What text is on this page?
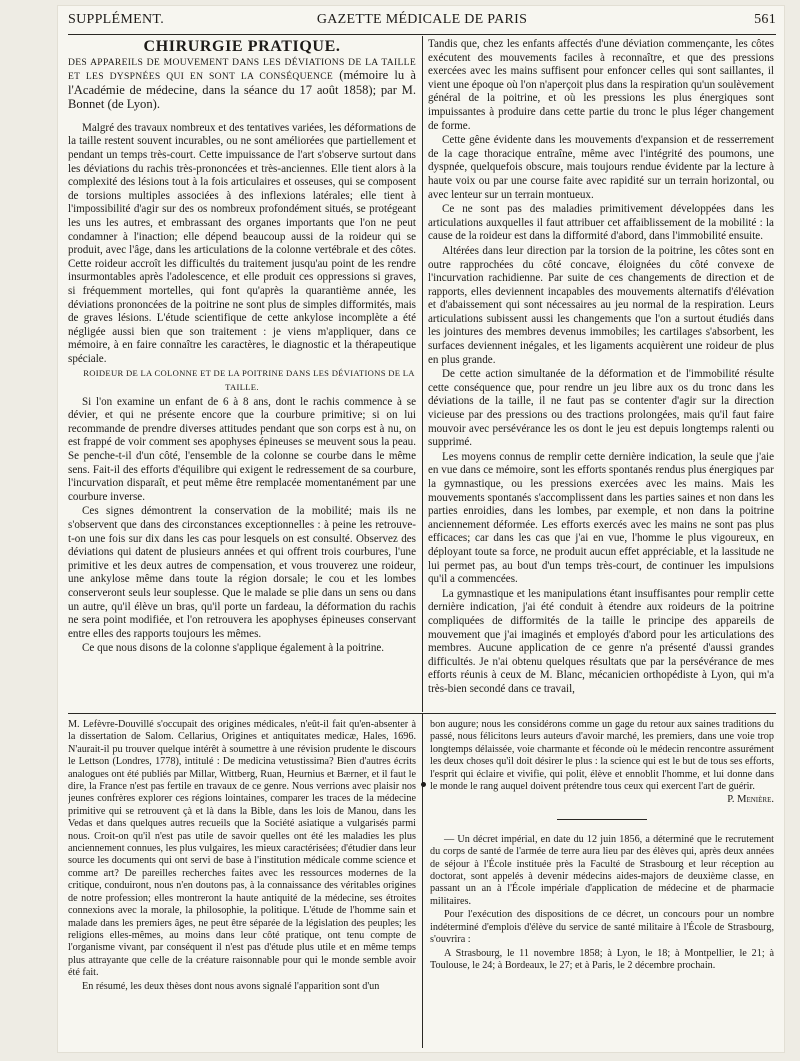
SUPPLÉMENT.	GAZETTE MÉDICALE DE PARIS	561

CHIRURGIE PRATIQUE.

DES APPAREILS DE MOUVEMENT DANS LES DÉVIATIONS DE LA TAILLE ET LES DYSPNÉES QUI EN SONT LA CONSÉQUENCE (mémoire lu à l'Académie de médecine, dans la séance du 17 août 1858); par M. Bonnet (de Lyon).

Malgré des travaux nombreux et des tentatives variées, les déformations de la taille restent souvent incurables, ou ne sont améliorées que partiellement et pendant un temps très-court. Cette impuissance de l'art s'observe surtout dans les déviations du rachis très-prononcées et très-anciennes. Elle tient alors à la complexité des lésions tout à la fois articulaires et osseuses, qui se composent de torsions multiples associées à des inflexions latérales; elle tient à l'impossibilité d'agir sur des os nombreux profondément situés, se protégeant les uns les autres, et embrassant des organes importants que l'on ne peut condamner à l'inaction; elle dépend beaucoup aussi de la roideur qui se produit, avec l'âge, dans les articulations de la colonne vertébrale et des côtes. Cette roideur accroît les difficultés du traitement jusqu'au point de les rendre insurmontables après l'adolescence, et elle produit ces oppressions si graves, si fréquemment mortelles, qui font qu'après la quarantième année, les déviations prononcées de la poitrine ne sont plus de simples difformités, mais de graves lésions. L'étude scientifique de cette ankylose incomplète a été négligée aussi bien que son traitement : je viens m'appliquer, dans ce mémoire, à en faire connaître les caractères, le diagnostic et la thérapeutique spéciale.

ROIDEUR DE LA COLONNE ET DE LA POITRINE DANS LES DÉVIATIONS DE LA TAILLE.

Si l'on examine un enfant de 6 à 8 ans, dont le rachis commence à se dévier, et qui ne présente encore que la courbure primitive; si on lui recommande de prendre diverses attitudes pendant que son corps est à nu, on est frappé de voir comment ses apophyses épineuses se meuvent sous la peau. Se penche-t-il d'un côté, l'ensemble de la colonne se courbe dans le même sens. Fait-il des efforts d'équilibre qui exigent le redressement de sa courbure, l'incurvation disparaît, et peut même être remplacée momentanément par une courbure inverse.

Ces signes démontrent la conservation de la mobilité; mais ils ne s'observent que dans des circonstances exceptionnelles : à peine les retrouve-t-on une fois sur dix dans les cas pour lesquels on est consulté. Observez des déviations qui datent de plusieurs années et qui offrent trois courbures, l'une primitive et les deux autres de compensation, et vous trouverez une roideur, une ankylose même dans toute la région dorsale; le cou et les lombes conserveront seuls leur souplesse. Que le malade se plie dans un sens ou dans un autre, qu'il élève un bras, qu'il porte un fardeau, la déformation du rachis ne sera point modifiée, et l'on retrouvera les apophyses épineuses conservant entre elles des rapports toujours les mêmes.

Ce que nous disons de la colonne s'applique également à la poitrine.

Tandis que, chez les enfants affectés d'une déviation commençante, les côtes exécutent des mouvements faciles à reconnaître, et que des pressions exercées avec les mains suffisent pour enfoncer celles qui sont saillantes, il vient une époque où l'on n'aperçoit plus dans la respiration qu'un soulèvement général de la poitrine, et où les pressions les plus énergiques sont impuissantes à produire dans cette partie du tronc le plus léger changement de forme.

Cette gêne évidente dans les mouvements d'expansion et de resserrement de la cage thoracique entraîne, même avec l'intégrité des poumons, une dyspnée, quelquefois obscure, mais toujours rendue évidente par la lecture à haute voix ou par une course faite avec rapidité sur un terrain horizontal, ou avec lenteur sur un terrain montueux.

Ce ne sont pas des maladies primitivement développées dans les articulations auxquelles il faut attribuer cet affaiblissement de la mobilité : la cause de la roideur est dans la difformité d'abord, dans l'immobilité ensuite.

Altérées dans leur direction par la torsion de la poitrine, les côtes sont en outre rapprochées du côté concave, éloignées du côté convexe de l'incurvation rachidienne. Par suite de ces changements de direction et de rapports, elles deviennent incapables des mouvements alternatifs d'élévation et d'abaissement qui sont nécessaires au jeu normal de la respiration. Leurs articulations subissent aussi les changements que l'on a surtout étudiés dans les jointures des membres devenus immobiles; les cartilages s'absorbent, les surfaces deviennent inégales, et les ligaments acquièrent une roideur de plus en plus grande.

De cette action simultanée de la déformation et de l'immobilité résulte cette conséquence que, pour rendre un jeu libre aux os du tronc dans les déviations de la taille, il ne faut pas se contenter d'agir sur la direction vicieuse par des pressions ou des tractions prolongées, mais qu'il faut faire mouvoir avec persévérance les os dont le jeu est depuis longtemps ralenti ou supprimé.

Les moyens connus de remplir cette dernière indication, la seule que j'aie en vue dans ce mémoire, sont les efforts spontanés rendus plus énergiques par la gymnastique, ou les pressions exercées avec les mains. Mais les mouvements spontanés s'accomplissent dans les parties saines et non dans les parties enroidies, dans les lombes, par exemple, et non dans la poitrine anciennement déformée. Les efforts exercés avec les mains ne sont pas plus efficaces; car dans les cas que j'ai en vue, l'homme le plus vigoureux, en déployant toute sa force, ne produit aucun effet appréciable, et la lassitude ne lui permet pas, au bout d'un temps très-court, de continuer les impulsions qu'il a commencées.

La gymnastique et les manipulations étant insuffisantes pour remplir cette dernière indication, j'ai été conduit à étendre aux roideurs de la poitrine compliquées de difformités de la taille le principe des appareils de mouvement que j'ai imaginés et employés d'abord pour les articulations des membres. Aucune application de ce genre n'a présenté d'aussi grandes difficultés. Je n'ai obtenu quelques résultats que par la persévérance de mes efforts réunis à ceux de M. Blanc, mécanicien orthopédiste à Lyon, qui m'a très-bien secondé dans ce travail,

M. Lefèvre-Douvillé s'occupait des origines médicales, n'eût-il fait qu'en-absenter à la dissertation de Salom. Cellarius, Origines et antiquitates medicæ, Hales, 1696. N'aurait-il pu trouver quelque intérêt à soumettre à une révision prudente le discours le Lettson (Londres, 1778), intitulé : De medicina vetustissima? Bien d'autres écrits analogues ont été publiés par Millar, Wittberg, Ruan, Heurnius et Bærner, et il faut le dire, la France n'est pas fertile en travaux de ce genre. Nous verrions avec plaisir nos jeunes confrères explorer ces régions lointaines, comparer les traces de la médecine primitive qui se retrouvent çà et là dans la Bible, dans les lois de Manou, dans les Vedas et dans quelques autres recueils que la Société asiatique a vulgarisés parmi nous. Croit-on qu'il n'est pas utile de savoir quelles ont été les maladies les plus anciennement connues, les plus vulgaires, les mieux caractérisées; d'étudier dans leur source les documents qui ont servi de base à l'institution médicale comme science et comme art? De pareilles recherches faites avec les ressources modernes de la critique, conduiront, nous n'en doutons pas, à la connaissance des véritables origines de notre profession; elles montreront la haute antiquité de la médecine, ses étroites connexions avec la morale, la philosophie, la politique. L'étude de l'homme sain et malade dans les premiers âges, ne peut être séparée de la législation des peuples; les religions elles-mêmes, au moins dans leur côté pratique, ont tenu compte de l'organisme vivant, par conséquent il n'est pas d'étude plus utile et en même temps plus attrayante que celle de la créature raisonnable pour qui le monde semble avoir été fait.

En résumé, les deux thèses dont nous avons signalé l'apparition sont d'un

bon augure; nous les considérons comme un gage du retour aux saines traditions du passé, nous félicitons leurs auteurs d'avoir marché, les premiers, dans une voie trop longtemps délaissée, voie charmante et féconde où le médecin rencontre assurément les deux choses qu'il doit désirer le plus : la science qui est le but de tous ses efforts, l'esprit qui éclaire et vivifie, qui polit, élève et ennoblit l'homme, et lui donne dans le monde le rang auquel doivent prétendre tous ceux qui exercent l'art de guérir.

P. Menière.

— Un décret impérial, en date du 12 juin 1856, a déterminé que le recrutement du corps de santé de l'armée de terre aura lieu par des élèves qui, après deux années de séjour à l'École instituée près la Faculté de Strasbourg et leur réception au doctorat, sont appelés à devenir médecins aides-majors de deuxième classe, en passant un an à l'École impériale d'application de médecine et de pharmacie militaires.

Pour l'exécution des dispositions de ce décret, un concours pour un nombre indéterminé d'emplois d'élève du service de santé militaire à l'École de Strasbourg, s'ouvrira :

A Strasbourg, le 11 novembre 1858; à Lyon, le 18; à Montpellier, le 21; à Toulouse, le 24; à Bordeaux, le 27; et à Paris, le 2 décembre prochain.
